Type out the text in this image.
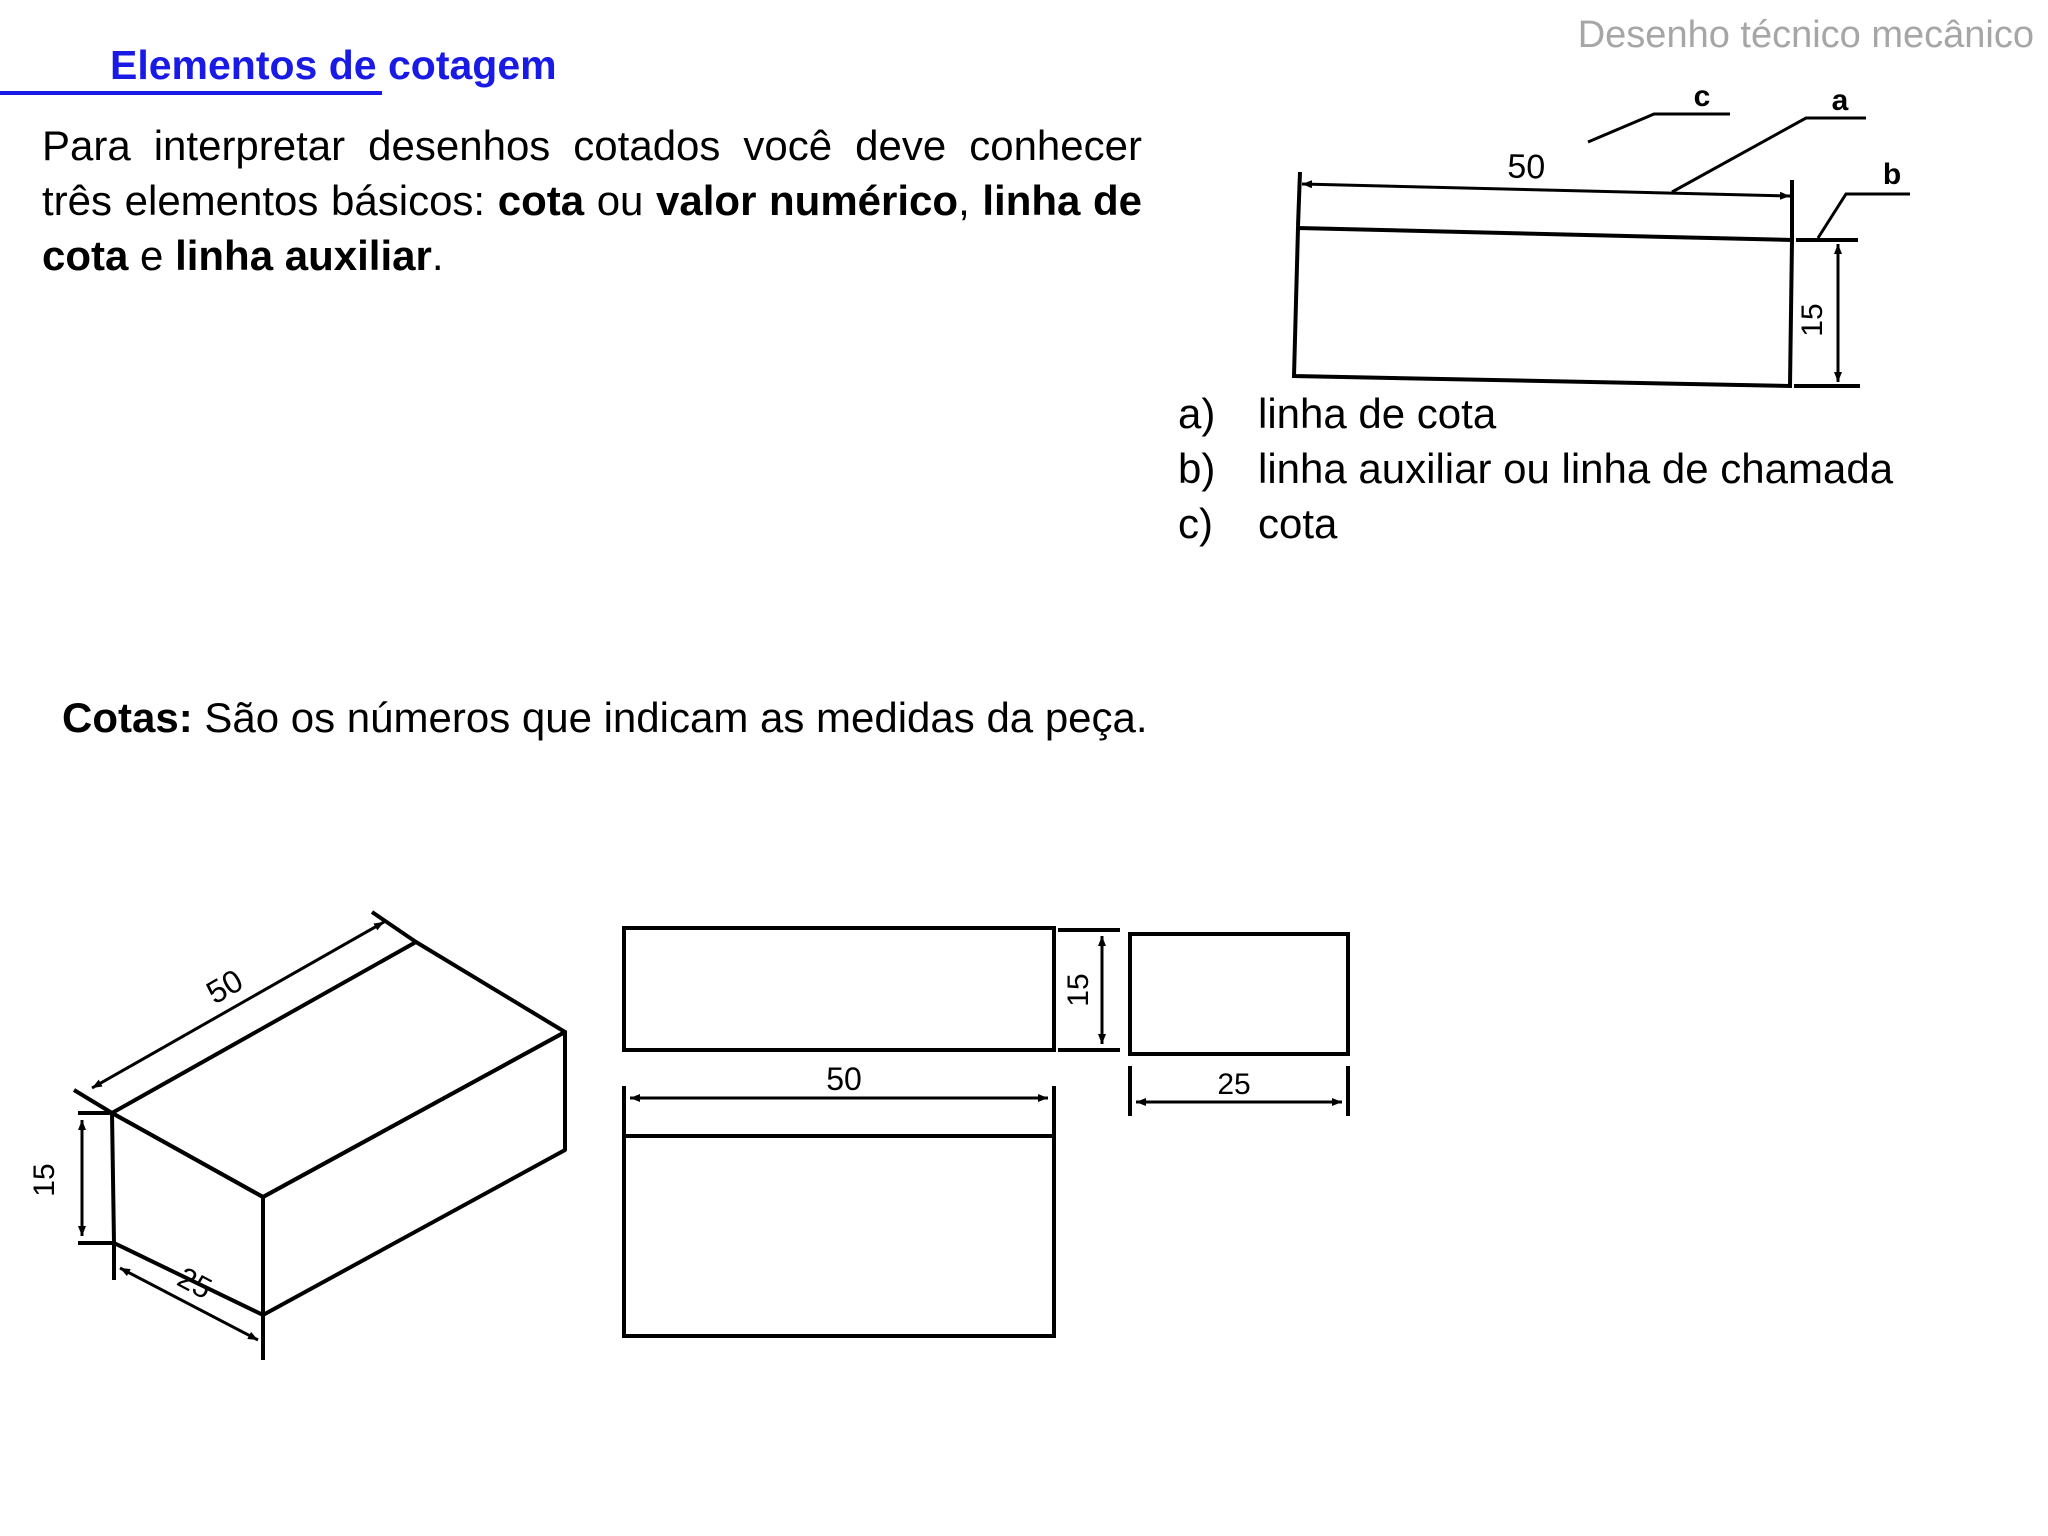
Desenho técnico mecânico
Elementos de cotagem
Para interpretar desenhos cotados você deve conhecer três elementos básicos: cota ou valor numérico, linha de cota e linha auxiliar.
50
15
c	a
b
a)	linha de cota
b)	linha auxiliar ou linha de chamada
c)	cota
Cotas: São os números que indicam as medidas da peça.
50
15
25
15
50	25
